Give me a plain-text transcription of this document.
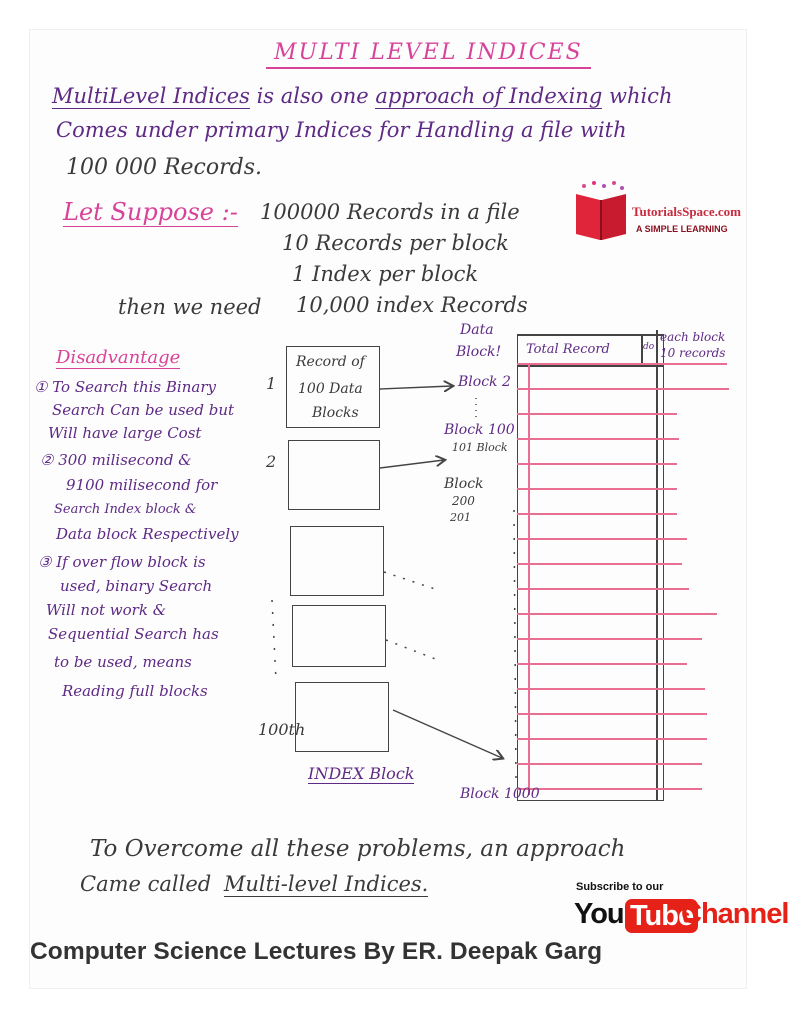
MULTI LEVEL INDICES
MultiLevel Indices is also one approach of Indexing which
Comes under primary Indices for Handling a file with
100 000 Records.
Let Suppose :- 100000 Records in a file
10 Records per block
1 Index per block
then we need 10,000 index Records
TutorialsSpace.com
A SIMPLE LEARNING
Disadvantage
① To Search this Binary
Search Can be used but
Will have large Cost
② 300 milisecond &
9100 milisecond for
Search Index block &
Data block Respectively
③ If over flow block is
used, binary Search
Will not work &
Sequential Search has
to be used, means
Reading full blocks
Record of
100 Data
Blocks
1
2
100th
INDEX Block
Data
Block! Total Record	do
each block
10 records
Block 2
Block 100
101 Block
Block
200
201
Block 1000
To Overcome all these problems, an approach
Came called Multi-level Indices.	Subscribe to our
You Tube
Channel
Computer Science Lectures By ER. Deepak Garg
